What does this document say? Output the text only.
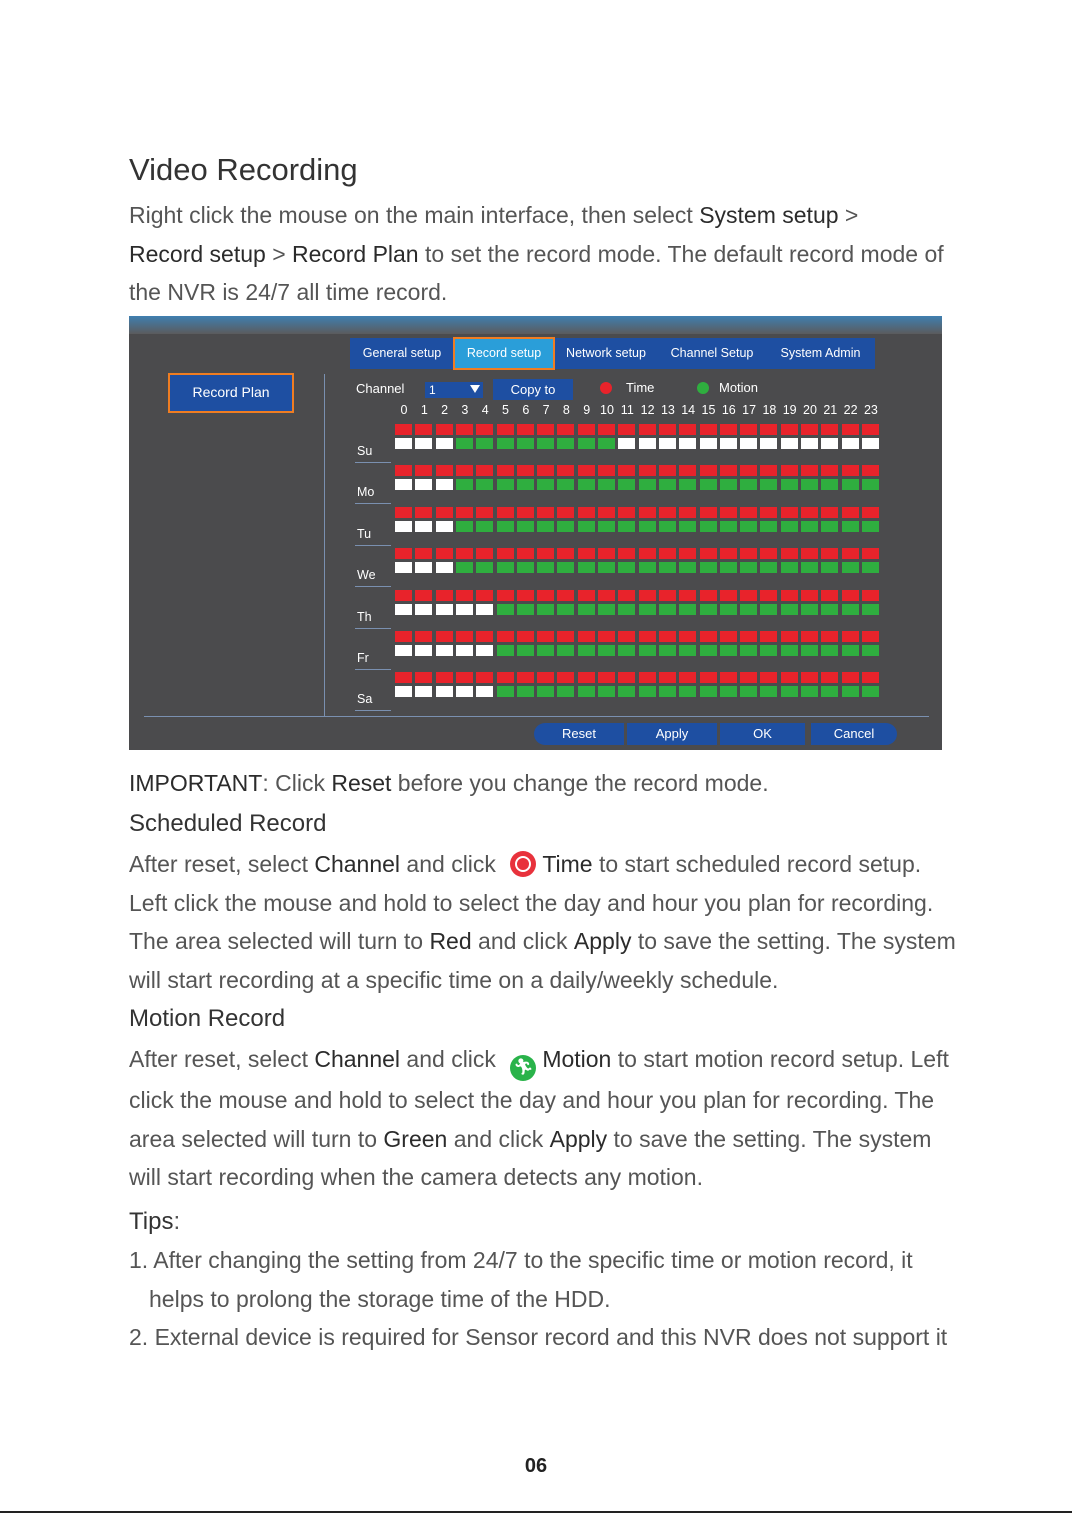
Video Recording
Right click the mouse on the main interface, then select System setup >
Record setup > Record Plan to set the record mode. The default record mode of the NVR is 24/7 all time record.
General setup	Record setup	Network setup	Channel Setup	System Admin
Record Plan	Channel	1	Copy to	Time	Motion
0	1	2	3	4	5	6	7	8	9 10 11 12 13 14 15 16 17 18 19 20 21 22 23
Su
Mo
Tu
We
Th
Fr
Sa
Reset	Apply	OK	Cancel
IMPORTANT: Click Reset before you change the record mode.
Scheduled Record
After reset, select Channel and click Time to start scheduled record setup. Left click the mouse and hold to select the day and hour you plan for recording. The area selected will turn to Red and click Apply to save the setting. The system will start recording at a specific time on a daily/weekly schedule.
Motion Record
After reset, select Channel and click 🏃︎ Motion to start motion record setup. Left click the mouse and hold to select the day and hour you plan for recording. The area selected will turn to Green and click Apply to save the setting. The system will start recording when the camera detects any motion.
Tips:
1. After changing the setting from 24/7 to the specific time or motion record, it
helps to prolong the storage time of the HDD.
2. External device is required for Sensor record and this NVR does not support it
06
